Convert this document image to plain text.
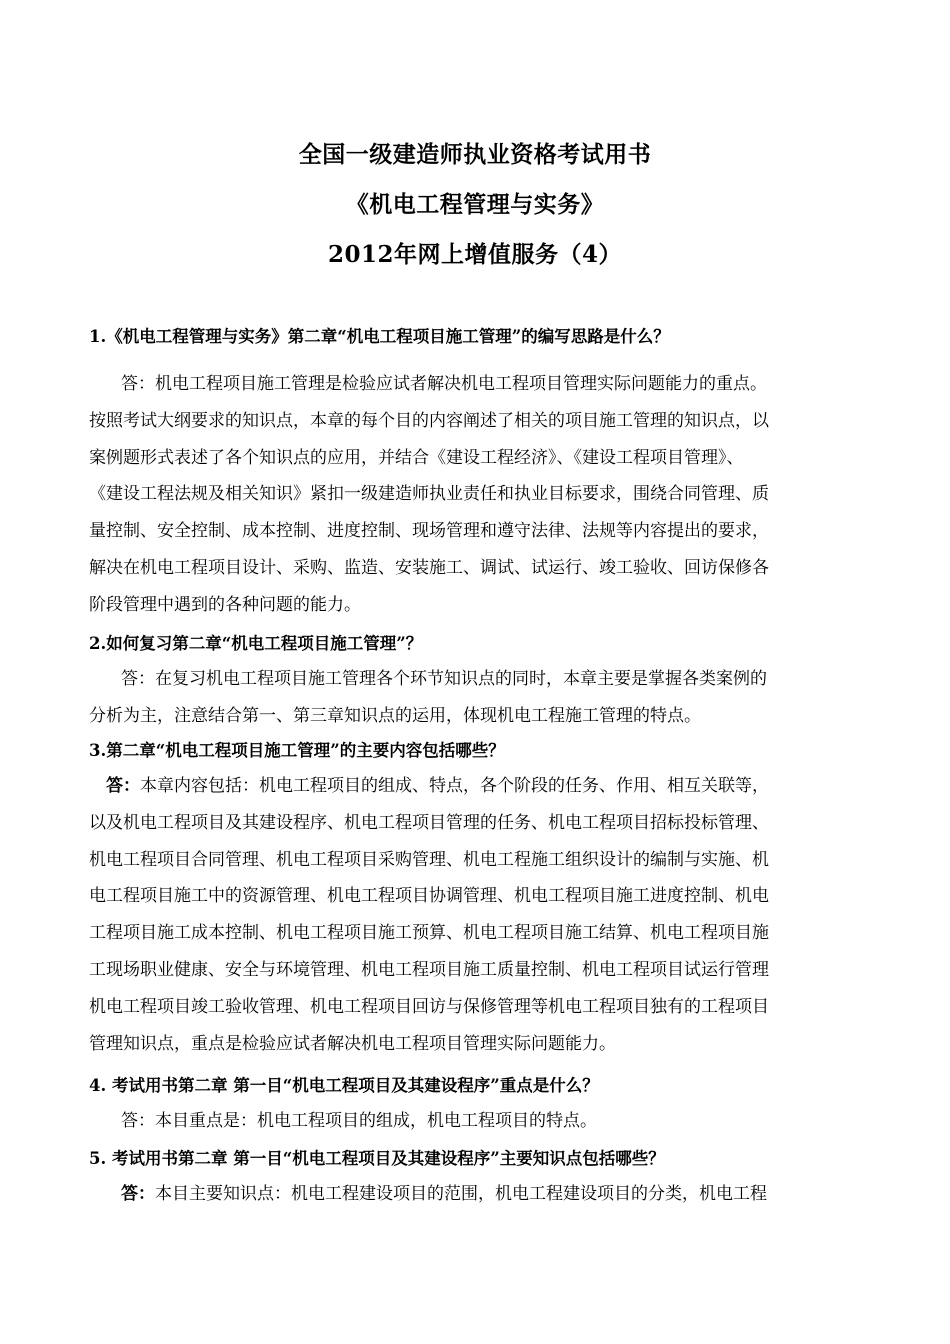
全国一级建造师执业资格考试用书
《机电工程管理与实务》
2012年网上增值服务（4）
1.《机电工程管理与实务》第二章“机电工程项目施工管理”的编写思路是什么？
答：机电工程项目施工管理是检验应试者解决机电工程项目管理实际问题能力的重点。
按照考试大纲要求的知识点，本章的每个目的内容阐述了相关的项目施工管理的知识点，以
案例题形式表述了各个知识点的应用，并结合《建设工程经济》、《建设工程项目管理》、
《建设工程法规及相关知识》紧扣一级建造师执业责任和执业目标要求，围绕合同管理、质
量控制、安全控制、成本控制、进度控制、现场管理和遵守法律、法规等内容提出的要求，
解决在机电工程项目设计、采购、监造、安装施工、调试、试运行、竣工验收、回访保修各
阶段管理中遇到的各种问题的能力。
2.如何复习第二章“机电工程项目施工管理”？
答：在复习机电工程项目施工管理各个环节知识点的同时，本章主要是掌握各类案例的
分析为主，注意结合第一、第三章知识点的运用，体现机电工程施工管理的特点。
3.第二章“机电工程项目施工管理”的主要内容包括哪些？
答：本章内容包括：机电工程项目的组成、特点，各个阶段的任务、作用、相互关联等，
以及机电工程项目及其建设程序、机电工程项目管理的任务、机电工程项目招标投标管理、
机电工程项目合同管理、机电工程项目采购管理、机电工程施工组织设计的编制与实施、机
电工程项目施工中的资源管理、机电工程项目协调管理、机电工程项目施工进度控制、机电
工程项目施工成本控制、机电工程项目施工预算、机电工程项目施工结算、机电工程项目施
工现场职业健康、安全与环境管理、机电工程项目施工质量控制、机电工程项目试运行管理
机电工程项目竣工验收管理、机电工程项目回访与保修管理等机电工程项目独有的工程项目
管理知识点，重点是检验应试者解决机电工程项目管理实际问题能力。
4. 考试用书第二章 第一目“机电工程项目及其建设程序”重点是什么？
答：本目重点是：机电工程项目的组成，机电工程项目的特点。
5. 考试用书第二章 第一目“机电工程项目及其建设程序”主要知识点包括哪些？
答：本目主要知识点：机电工程建设项目的范围，机电工程建设项目的分类，机电工程
